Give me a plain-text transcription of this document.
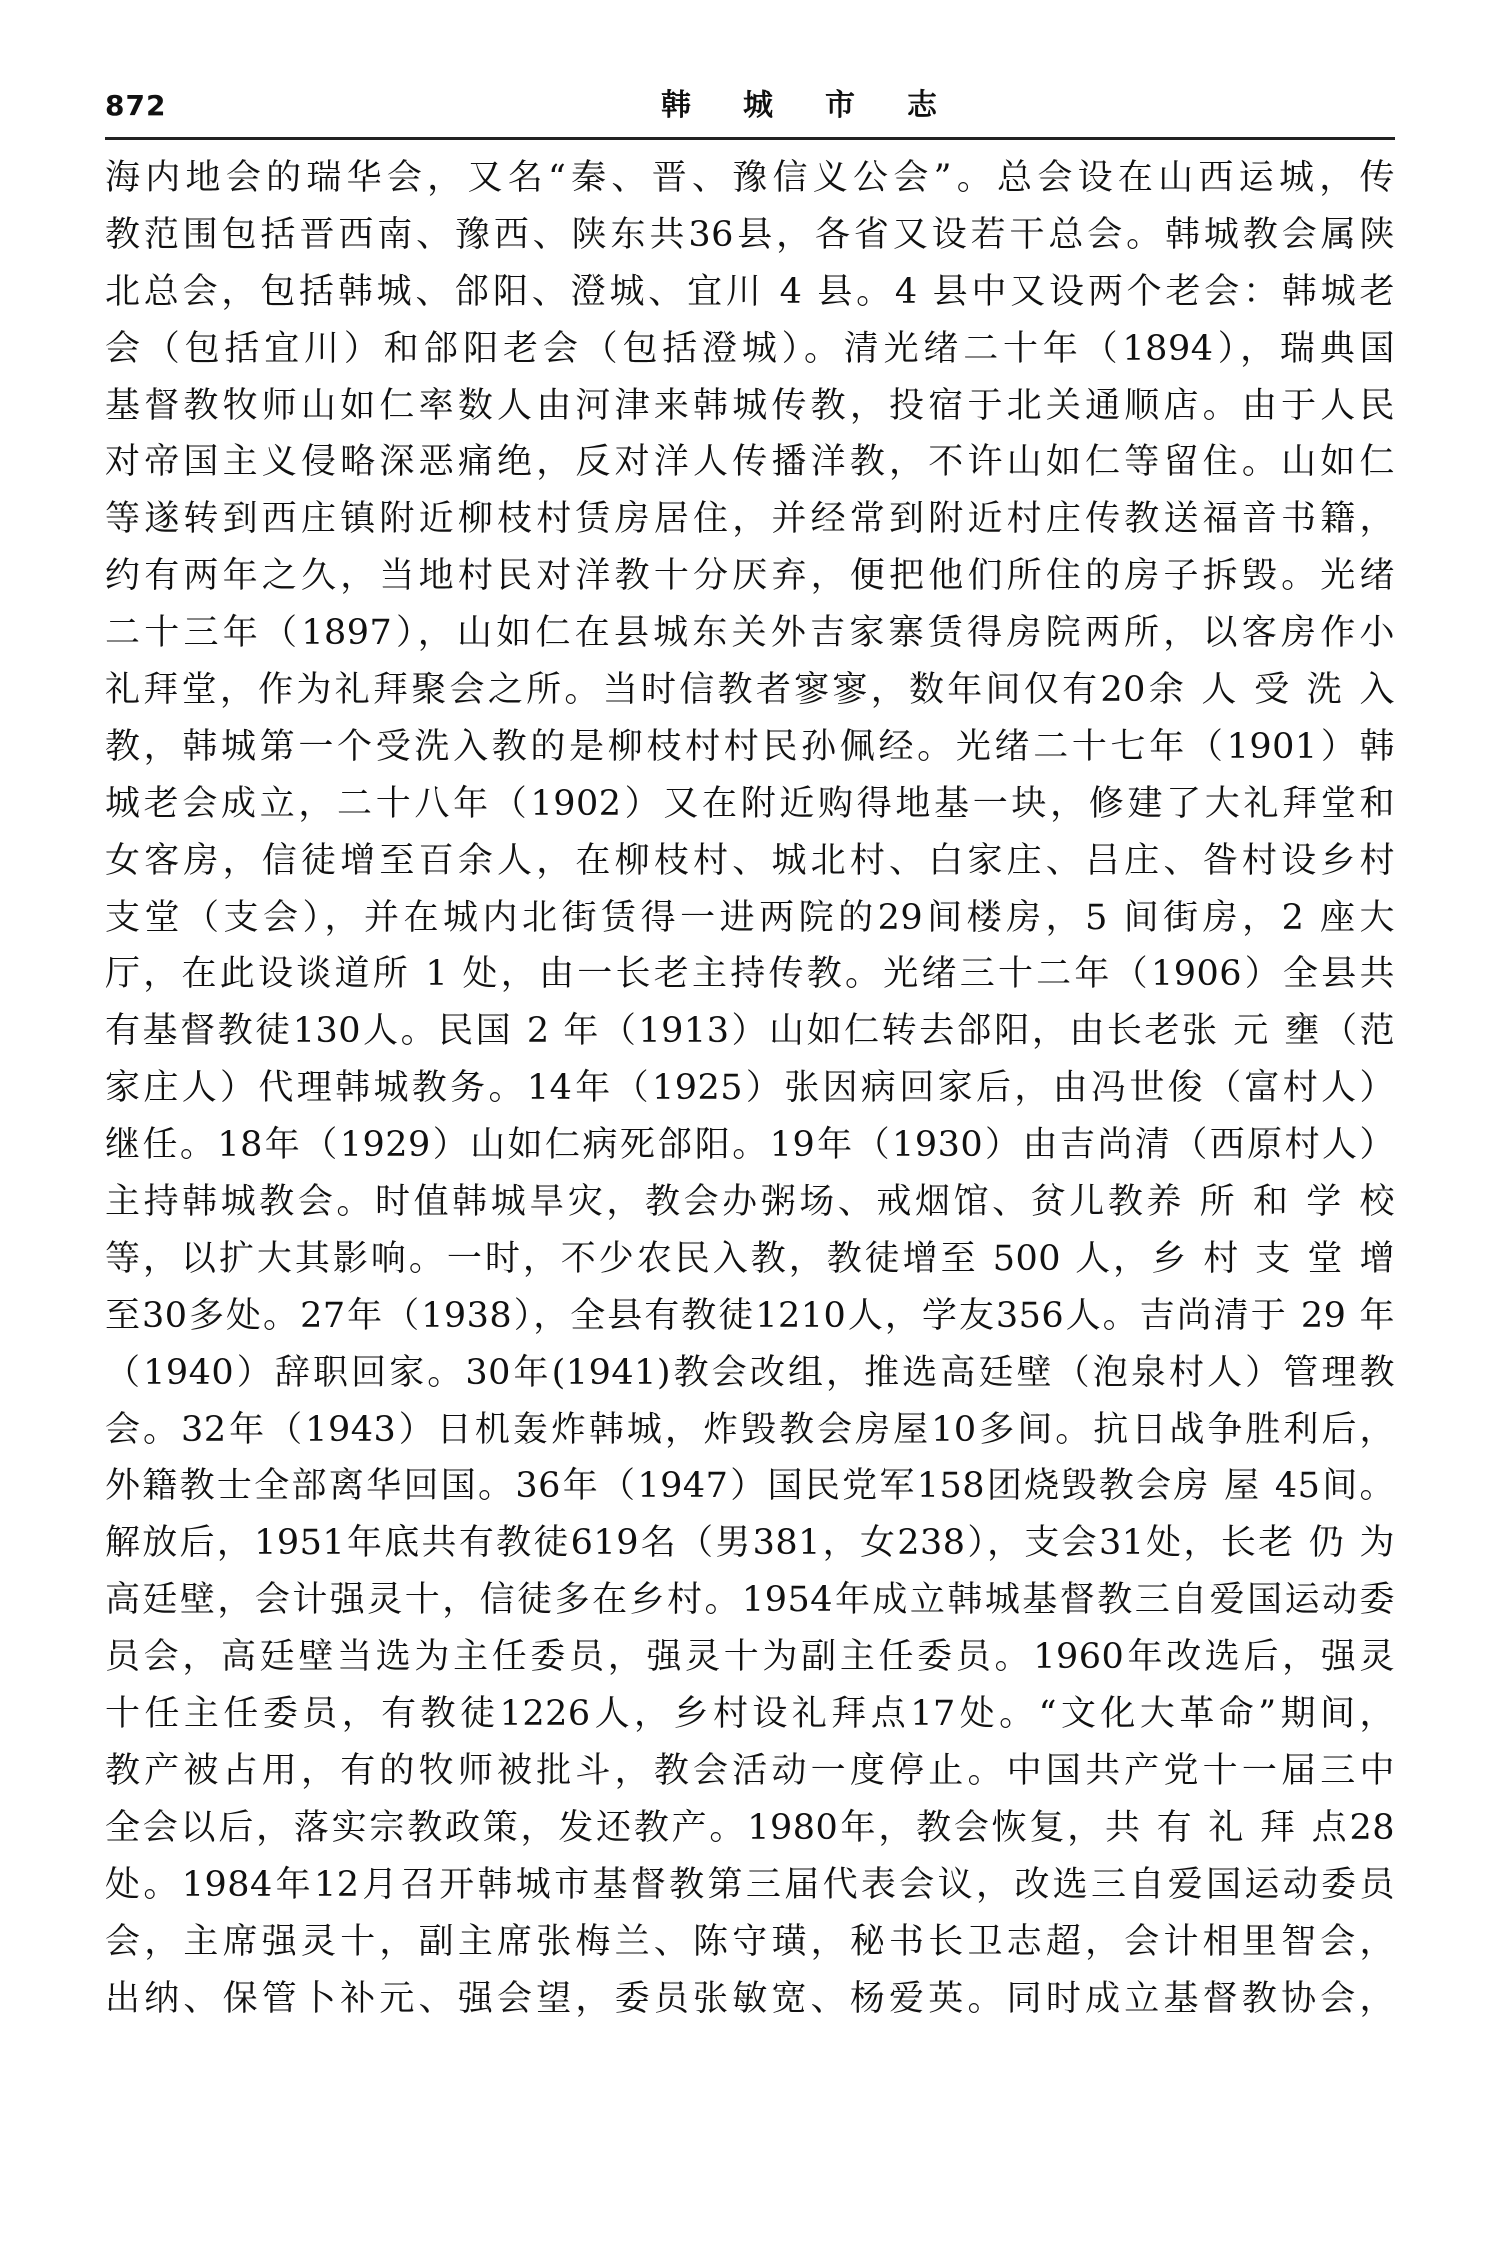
872	韩城市志
海内地会的瑞华会，又名“秦、晋、豫信义公会”。总会设在山西运城，传
教范围包括晋西南、豫西、陕东共36县，各省又设若干总会。韩城教会属陕
北总会，包括韩城、郃阳、澄城、宜川 4 县。4 县中又设两个老会：韩城老
会（包括宜川）和郃阳老会（包括澄城）。清光绪二十年（1894），瑞典国
基督教牧师山如仁率数人由河津来韩城传教，投宿于北关通顺店。由于人民
对帝国主义侵略深恶痛绝，反对洋人传播洋教，不许山如仁等留住。山如仁
等遂转到西庄镇附近柳枝村赁房居住，并经常到附近村庄传教送福音书籍，
约有两年之久，当地村民对洋教十分厌弃，便把他们所住的房子拆毁。光绪
二十三年（1897），山如仁在县城东关外吉家寨赁得房院两所，以客房作小
礼拜堂，作为礼拜聚会之所。当时信教者寥寥，数年间仅有20余 人 受 洗 入
教，韩城第一个受洗入教的是柳枝村村民孙佩经。光绪二十七年（1901）韩
城老会成立，二十八年（1902）又在附近购得地基一块，修建了大礼拜堂和
女客房，信徒增至百余人，在柳枝村、城北村、白家庄、吕庄、昝村设乡村
支堂（支会），并在城内北街赁得一进两院的29间楼房，5 间街房，2 座大
厅，在此设谈道所 1 处，由一长老主持传教。光绪三十二年（1906）全县共
有基督教徒130人。民国 2 年（1913）山如仁转去郃阳，由长老张 元 壅（范
家庄人）代理韩城教务。14年（1925）张因病回家后，由冯世俊（富村人）
继任。18年（1929）山如仁病死郃阳。19年（1930）由吉尚清（西原村人）
主持韩城教会。时值韩城旱灾，教会办粥场、戒烟馆、贫儿教养 所 和 学 校
等，以扩大其影响。一时，不少农民入教，教徒增至 500 人，乡 村 支 堂 增
至30多处。27年（1938），全县有教徒1210人，学友356人。吉尚清于 29 年
（1940）辞职回家。30年(1941)教会改组，推选高廷壁（泡泉村人）管理教
会。32年（1943）日机轰炸韩城，炸毁教会房屋10多间。抗日战争胜利后，
外籍教士全部离华回国。36年（1947）国民党军158团烧毁教会房 屋 45间。
解放后，1951年底共有教徒619名（男381，女238），支会31处，长老 仍 为
高廷壁，会计强灵十，信徒多在乡村。1954年成立韩城基督教三自爱国运动委
员会，高廷壁当选为主任委员，强灵十为副主任委员。1960年改选后，强灵
十任主任委员，有教徒1226人，乡村设礼拜点17处。“文化大革命”期间，
教产被占用，有的牧师被批斗，教会活动一度停止。中国共产党十一届三中
全会以后，落实宗教政策，发还教产。1980年，教会恢复，共 有 礼 拜 点28
处。1984年12月召开韩城市基督教第三届代表会议，改选三自爱国运动委员
会，主席强灵十，副主席张梅兰、陈守璜，秘书长卫志超，会计相里智会，
出纳、保管卜补元、强会望，委员张敏宽、杨爱英。同时成立基督教协会，
